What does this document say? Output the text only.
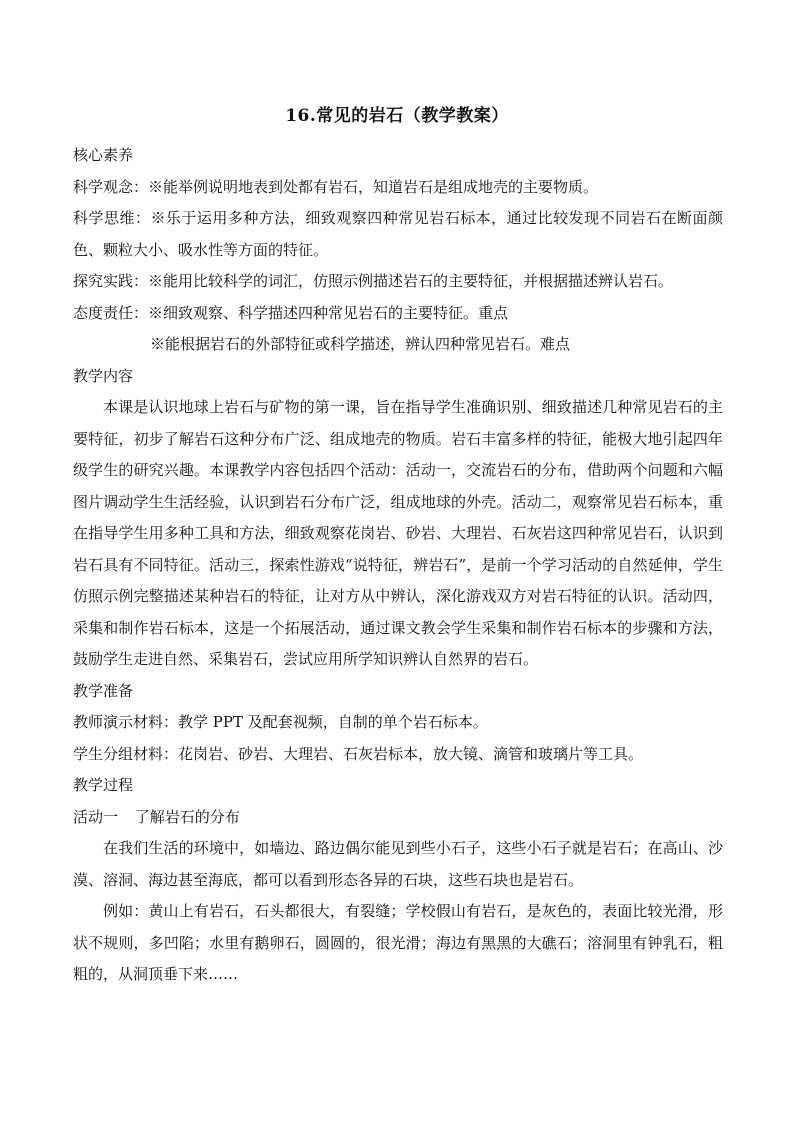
16.常见的岩石（教学教案）

核心素养

科学观念：※能举例说明地表到处都有岩石，知道岩石是组成地壳的主要物质。

科学思维：※乐于运用多种方法，细致观察四种常见岩石标本，通过比较发现不同岩石在断面颜色、颗粒大小、吸水性等方面的特征。

探究实践：※能用比较科学的词汇，仿照示例描述岩石的主要特征，并根据描述辨认岩石。

态度责任：※细致观察、科学描述四种常见岩石的主要特征。重点

※能根据岩石的外部特征或科学描述，辨认四种常见岩石。难点

教学内容

本课是认识地球上岩石与矿物的第一课，旨在指导学生准确识别、细致描述几种常见岩石的主要特征，初步了解岩石这种分布广泛、组成地壳的物质。岩石丰富多样的特征，能极大地引起四年级学生的研究兴趣。本课教学内容包括四个活动：活动一，交流岩石的分布，借助两个问题和六幅图片调动学生生活经验，认识到岩石分布广泛，组成地球的外壳。活动二，观察常见岩石标本，重在指导学生用多种工具和方法，细致观察花岗岩、砂岩、大理岩、石灰岩这四种常见岩石，认识到岩石具有不同特征。活动三，探索性游戏“说特征，辨岩石”，是前一个学习活动的自然延伸，学生仿照示例完整描述某种岩石的特征，让对方从中辨认，深化游戏双方对岩石特征的认识。活动四，采集和制作岩石标本，这是一个拓展活动，通过课文教会学生采集和制作岩石标本的步骤和方法，鼓励学生走进自然、采集岩石，尝试应用所学知识辨认自然界的岩石。

教学准备

教师演示材料：教学 PPT 及配套视频，自制的单个岩石标本。

学生分组材料：花岗岩、砂岩、大理岩、石灰岩标本，放大镜、滴管和玻璃片等工具。

教学过程

活动一 了解岩石的分布

在我们生活的环境中，如墙边、路边偶尔能见到些小石子，这些小石子就是岩石；在高山、沙漠、溶洞、海边甚至海底，都可以看到形态各异的石块，这些石块也是岩石。

例如：黄山上有岩石，石头都很大，有裂缝；学校假山有岩石，是灰色的，表面比较光滑，形状不规则，多凹陷；水里有鹅卵石，圆圆的，很光滑；海边有黑黑的大礁石；溶洞里有钟乳石，粗粗的，从洞顶垂下来……
